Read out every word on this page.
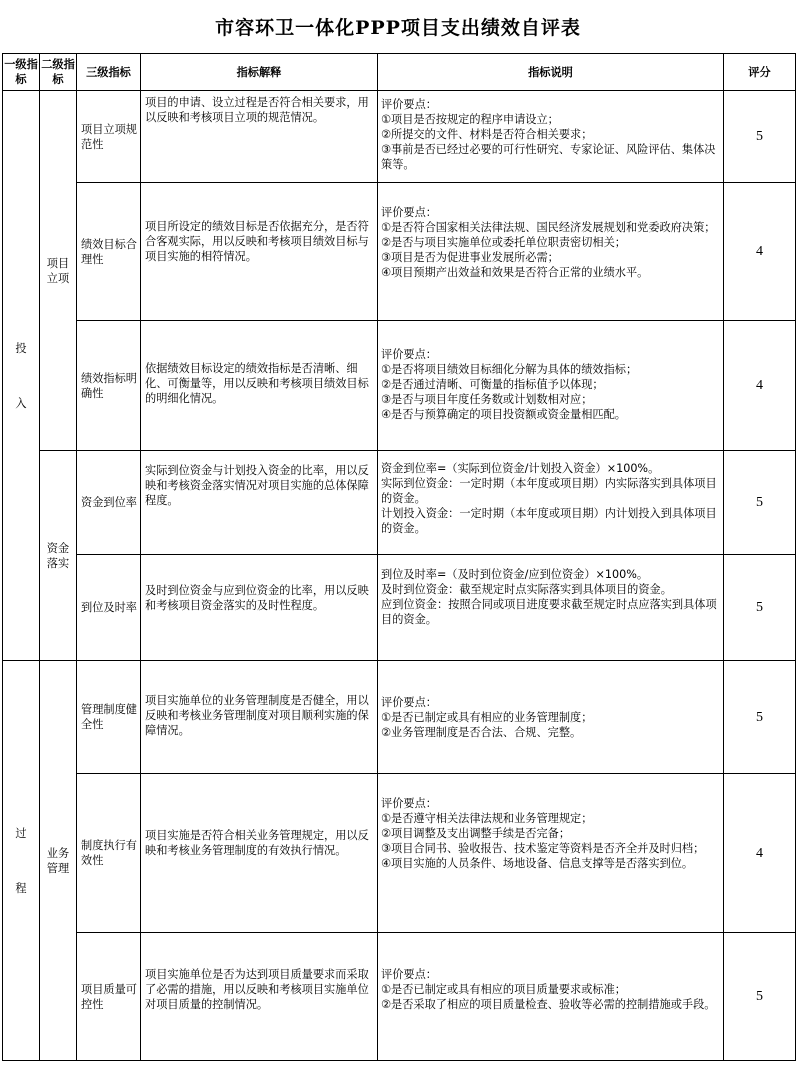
市容环卫一体化PPP项目支出绩效自评表
一级指标	二级指标	三级指标	指标解释	指标说明	评分

投
入	项目立项	项目立项规范性	项目的申请、设立过程是否符合相关要求，用以反映和考核项目立项的规范情况。	评价要点：
①项目是否按规定的程序申请设立；
②所提交的文件、材料是否符合相关要求；
③事前是否已经过必要的可行性研究、专家论证、风险评估、集体决策等。	5
		绩效目标合理性	项目所设定的绩效目标是否依据充分，是否符合客观实际，用以反映和考核项目绩效目标与项目实施的相符情况。	评价要点：
①是否符合国家相关法律法规、国民经济发展规划和党委政府决策；
②是否与项目实施单位或委托单位职责密切相关；
③项目是否为促进事业发展所必需；
④项目预期产出效益和效果是否符合正常的业绩水平。	4
		绩效指标明确性	依据绩效目标设定的绩效指标是否清晰、细化、可衡量等，用以反映和考核项目绩效目标的明细化情况。	评价要点：
①是否将项目绩效目标细化分解为具体的绩效指标；
②是否通过清晰、可衡量的指标值予以体现；
③是否与项目年度任务数或计划数相对应；
④是否与预算确定的项目投资额或资金量相匹配。	4
	资金落实	资金到位率	实际到位资金与计划投入资金的比率，用以反映和考核资金落实情况对项目实施的总体保障程度。	资金到位率=（实际到位资金/计划投入资金）×100%。
实际到位资金：一定时期（本年度或项目期）内实际落实到具体项目的资金。
计划投入资金：一定时期（本年度或项目期）内计划投入到具体项目的资金。	5
		到位及时率	及时到位资金与应到位资金的比率，用以反映和考核项目资金落实的及时性程度。	到位及时率=（及时到位资金/应到位资金）×100%。
及时到位资金：截至规定时点实际落实到具体项目的资金。
应到位资金：按照合同或项目进度要求截至规定时点应落实到具体项目的资金。	5

过
程	业务管理	管理制度健全性	项目实施单位的业务管理制度是否健全，用以反映和考核业务管理制度对项目顺利实施的保障情况。	评价要点：
①是否已制定或具有相应的业务管理制度；
②业务管理制度是否合法、合规、完整。	5
		制度执行有效性	项目实施是否符合相关业务管理规定，用以反映和考核业务管理制度的有效执行情况。	评价要点：
①是否遵守相关法律法规和业务管理规定；
②项目调整及支出调整手续是否完备；
③项目合同书、验收报告、技术鉴定等资料是否齐全并及时归档；
④项目实施的人员条件、场地设备、信息支撑等是否落实到位。	4
		项目质量可控性	项目实施单位是否为达到项目质量要求而采取了必需的措施，用以反映和考核项目实施单位对项目质量的控制情况。	评价要点：
①是否已制定或具有相应的项目质量要求或标准；
②是否采取了相应的项目质量检查、验收等必需的控制措施或手段。	5
